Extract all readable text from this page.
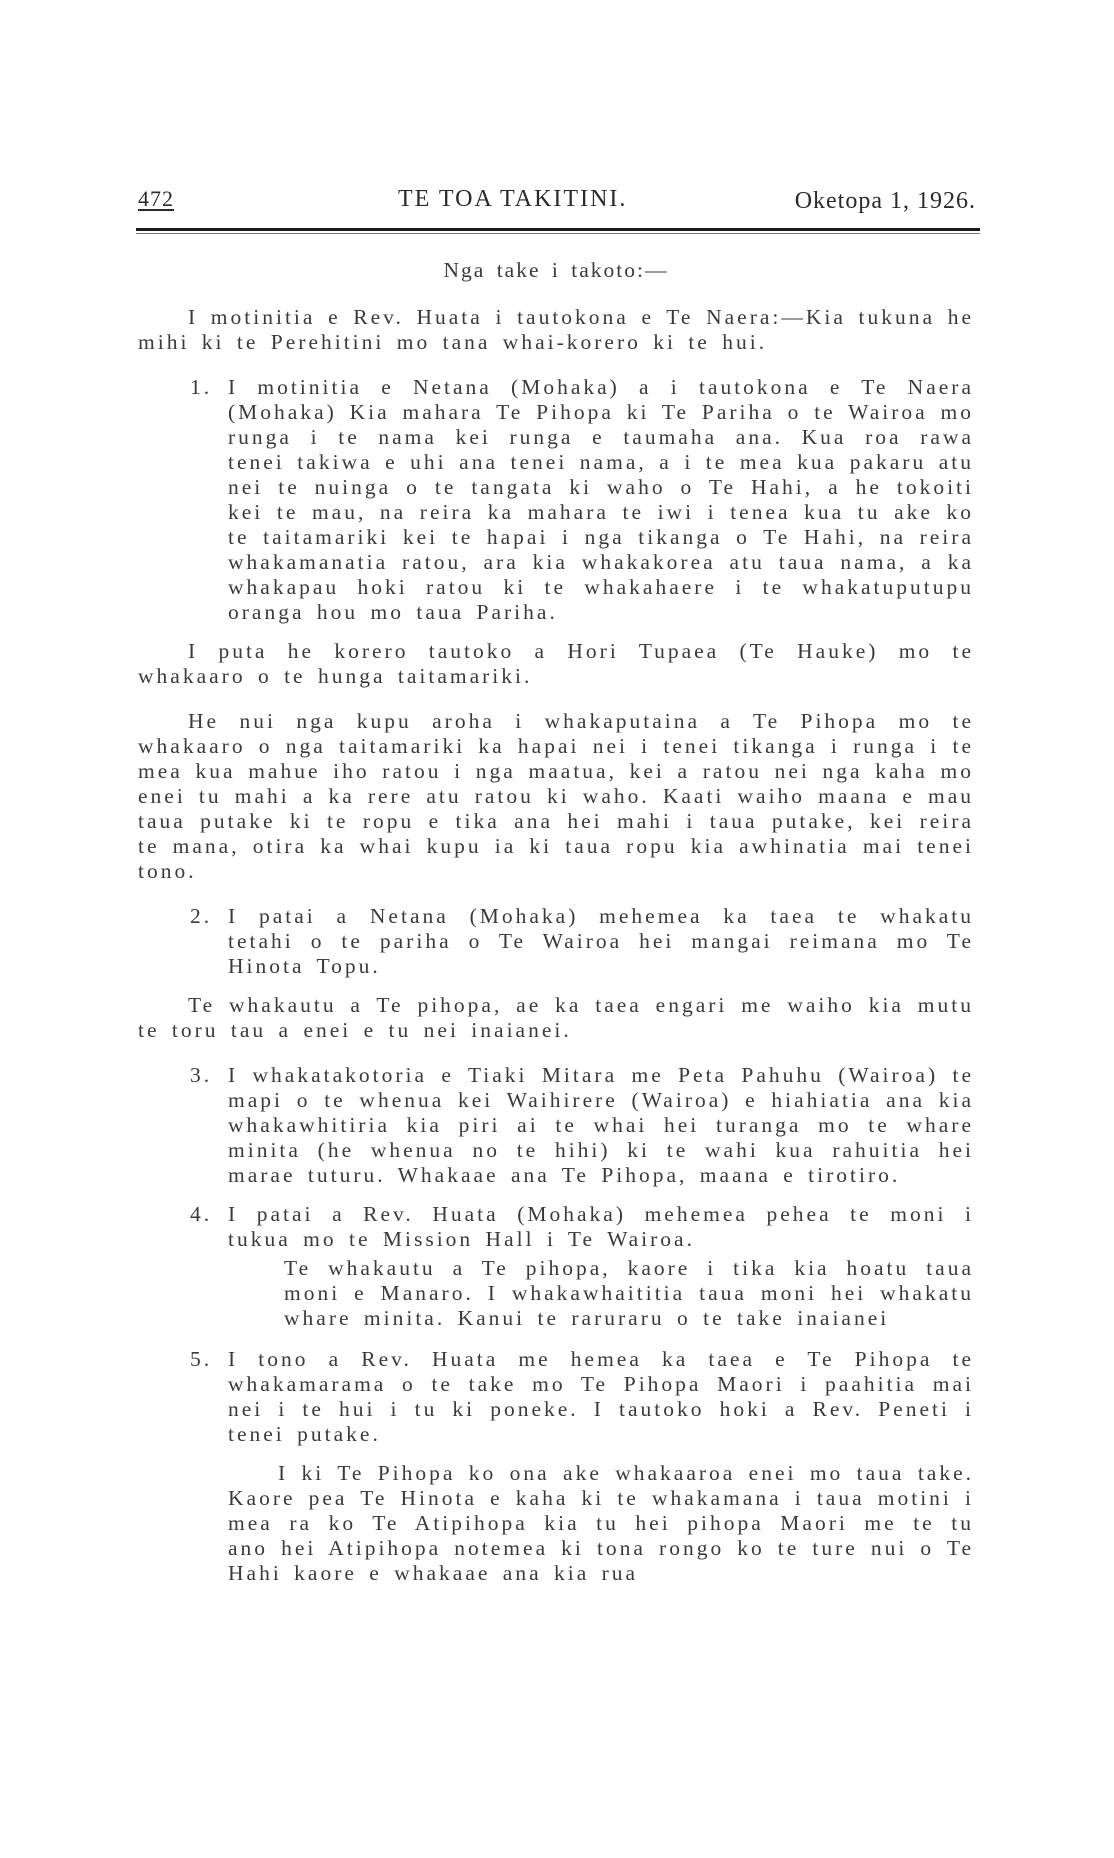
472	TE TOA TAKITINI.	Oketopa 1, 1926.

Nga take i takoto:—

I motinitia e Rev. Huata i tautokona e Te Naera:—Kia tukuna he mihi ki te Perehitini mo tana whai-korero ki te hui.

1. I motinitia e Netana (Mohaka) a i tautokona e Te Naera (Mohaka) Kia mahara Te Pihopa ki Te Pariha o te Wairoa mo runga i te nama kei runga e taumaha ana. Kua roa rawa tenei takiwa e uhi ana tenei nama, a i te mea kua pakaru atu nei te nuinga o te tangata ki waho o Te Hahi, a he tokoiti kei te mau, na reira ka mahara te iwi i tenea kua tu ake ko te taitamariki kei te hapai i nga tikanga o Te Hahi, na reira whakamanatia ratou, ara kia whakakorea atu taua nama, a ka whakapau hoki ratou ki te whakahaere i te whakatuputupu oranga hou mo taua Pariha.

I puta he korero tautoko a Hori Tupaea (Te Hauke) mo te whakaaro o te hunga taitamariki.

He nui nga kupu aroha i whakaputaina a Te Pihopa mo te whakaaro o nga taitamariki ka hapai nei i tenei tikanga i runga i te mea kua mahue iho ratou i nga maatua, kei a ratou nei nga kaha mo enei tu mahi a ka rere atu ratou ki waho. Kaati waiho maana e mau taua putake ki te ropu e tika ana hei mahi i taua putake, kei reira te mana, otira ka whai kupu ia ki taua ropu kia awhinatia mai tenei tono.

2. I patai a Netana (Mohaka) mehemea ka taea te whakatu tetahi o te pariha o Te Wairoa hei mangai reimana mo Te Hinota Topu.

Te whakautu a Te pihopa, ae ka taea engari me waiho kia mutu te toru tau a enei e tu nei inaianei.

3. I whakatakotoria e Tiaki Mitara me Peta Pahuhu (Wairoa) te mapi o te whenua kei Waihirere (Wairoa) e hiahiatia ana kia whakawhitiria kia piri ai te whai hei turanga mo te whare minita (he whenua no te hihi) ki te wahi kua rahuitia hei marae tuturu. Whakaae ana Te Pihopa, maana e tirotiro.

4. I patai a Rev. Huata (Mohaka) mehemea pehea te moni i tukua mo te Mission Hall i Te Wairoa.

Te whakautu a Te pihopa, kaore i tika kia hoatu taua moni e Manaro. I whakawhaititia taua moni hei whakatu whare minita. Kanui te raruraru o te take inaianei

5. I tono a Rev. Huata me hemea ka taea e Te Pihopa te whakamarama o te take mo Te Pihopa Maori i paahitia mai nei i te hui i tu ki poneke. I tautoko hoki a Rev. Peneti i tenei putake.

I ki Te Pihopa ko ona ake whakaaroa enei mo taua take. Kaore pea Te Hinota e kaha ki te whakamana i taua motini i mea ra ko Te Atipihopa kia tu hei pihopa Maori me te tu ano hei Atipihopa notemea ki tona rongo ko te ture nui o Te Hahi kaore e whakaae ana kia rua
